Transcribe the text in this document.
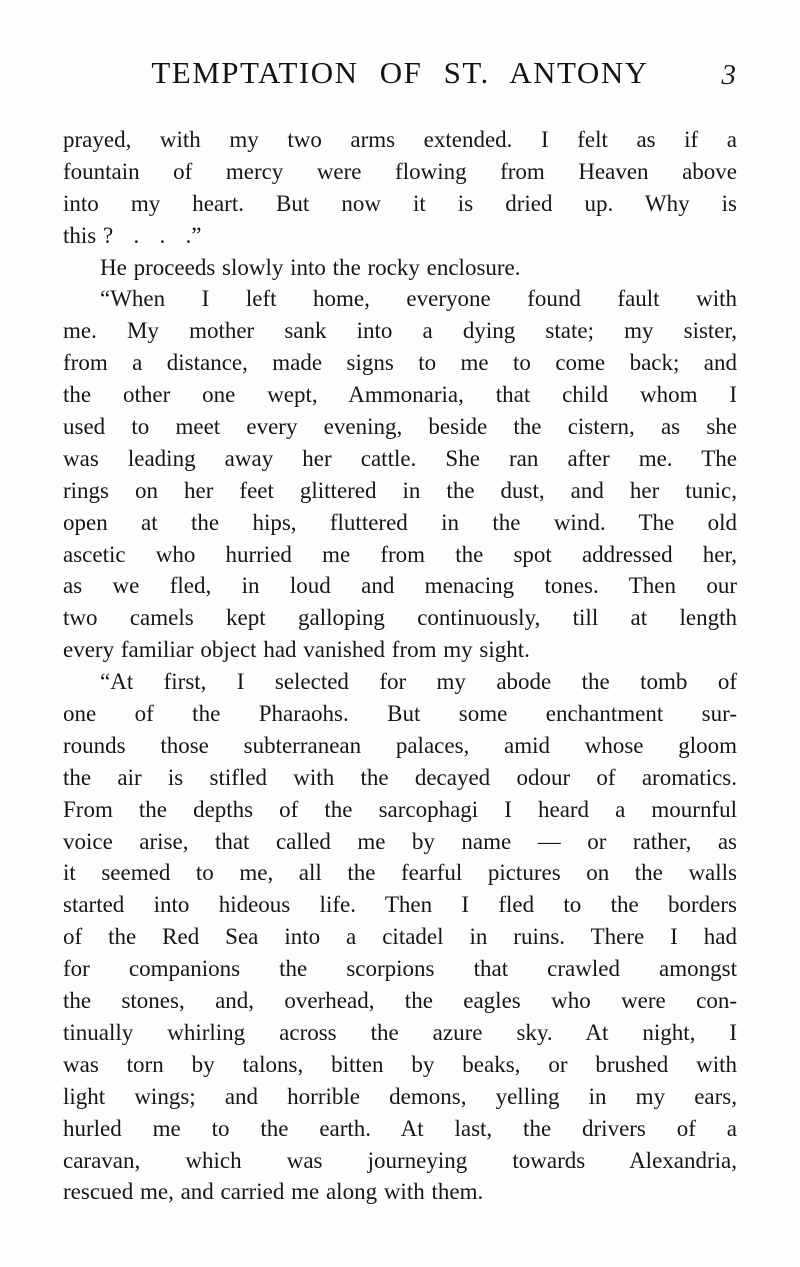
TEMPTATION OF ST. ANTONY	3
prayed, with my two arms extended. I felt as if a
fountain of mercy were flowing from Heaven above
into my heart. But now it is dried up. Why is
this ?   .   .   .”
He proceeds slowly into the rocky enclosure.
“When I left home, everyone found fault with
me. My mother sank into a dying state; my sister,
from a distance, made signs to me to come back; and
the other one wept, Ammonaria, that child whom I
used to meet every evening, beside the cistern, as she
was leading away her cattle. She ran after me. The
rings on her feet glittered in the dust, and her tunic,
open at the hips, fluttered in the wind. The old
ascetic who hurried me from the spot addressed her,
as we fled, in loud and menacing tones. Then our
two camels kept galloping continuously, till at length
every familiar object had vanished from my sight.
“At first, I selected for my abode the tomb of
one of the Pharaohs. But some enchantment sur-
rounds those subterranean palaces, amid whose gloom
the air is stifled with the decayed odour of aromatics.
From the depths of the sarcophagi I heard a mournful
voice arise, that called me by name — or rather, as
it seemed to me, all the fearful pictures on the walls
started into hideous life. Then I fled to the borders
of the Red Sea into a citadel in ruins. There I had
for companions the scorpions that crawled amongst
the stones, and, overhead, the eagles who were con-
tinually whirling across the azure sky. At night, I
was torn by talons, bitten by beaks, or brushed with
light wings; and horrible demons, yelling in my ears,
hurled me to the earth. At last, the drivers of a
caravan, which was journeying towards Alexandria,
rescued me, and carried me along with them.
